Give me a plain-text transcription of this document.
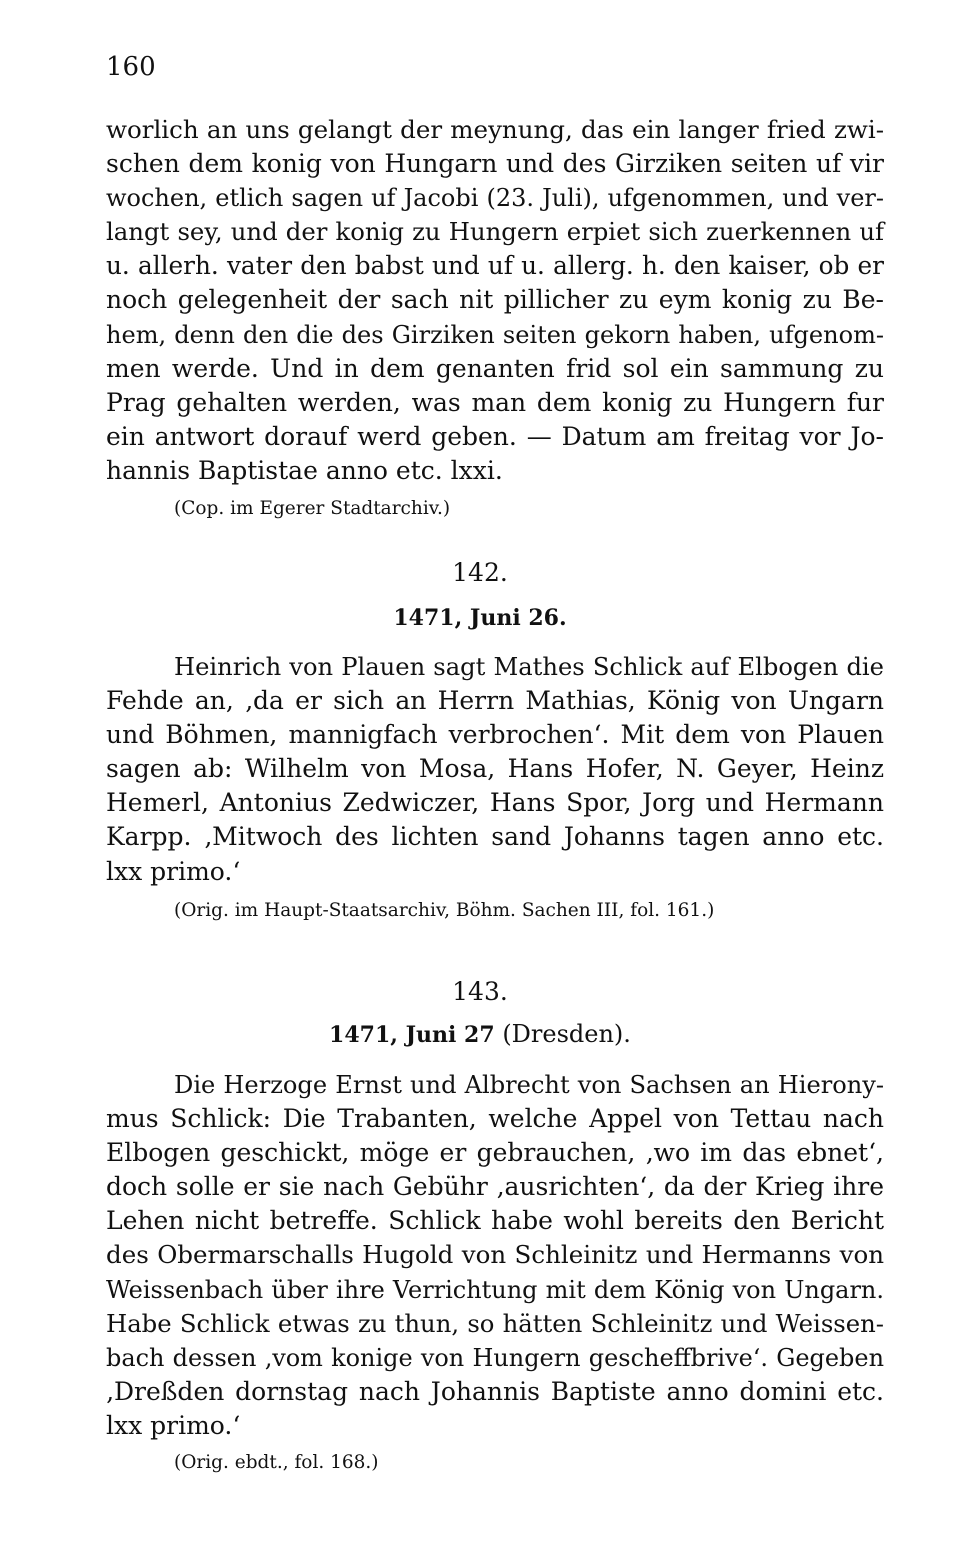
160
worlich an uns gelangt der meynung, das ein langer fried zwi-
schen dem konig von Hungarn und des Girziken seiten uf vir
wochen, etlich sagen uf Jacobi (23. Juli), ufgenommen, und ver-
langt sey, und der konig zu Hungern erpiet sich zuerkennen uf
u. allerh. vater den babst und uf u. allerg. h. den kaiser, ob er
noch gelegenheit der sach nit pillicher zu eym konig zu Be-
hem, denn den die des Girziken seiten gekorn haben, ufgenom-
men werde. Und in dem genanten frid sol ein sammung zu
Prag gehalten werden, was man dem konig zu Hungern fur
ein antwort dorauf werd geben. — Datum am freitag vor Jo-
hannis Baptistae anno etc. lxxi.
(Cop. im Egerer Stadtarchiv.)
142.
1471, Juni 26.
Heinrich von Plauen sagt Mathes Schlick auf Elbogen die
Fehde an, ‚da er sich an Herrn Mathias, König von Ungarn
und Böhmen, mannigfach verbrochen‘. Mit dem von Plauen
sagen ab: Wilhelm von Mosa, Hans Hofer, N. Geyer, Heinz
Hemerl, Antonius Zedwiczer, Hans Spor, Jorg und Hermann
Karpp. ‚Mitwoch des lichten sand Johanns tagen anno etc.
lxx primo.‘
(Orig. im Haupt-Staatsarchiv, Böhm. Sachen III, fol. 161.)
143.
1471, Juni 27 (Dresden).
Die Herzoge Ernst und Albrecht von Sachsen an Hierony-
mus Schlick: Die Trabanten, welche Appel von Tettau nach
Elbogen geschickt, möge er gebrauchen, ‚wo im das ebnet‘,
doch solle er sie nach Gebühr ‚ausrichten‘, da der Krieg ihre
Lehen nicht betreffe. Schlick habe wohl bereits den Bericht
des Obermarschalls Hugold von Schleinitz und Hermanns von
Weissenbach über ihre Verrichtung mit dem König von Ungarn.
Habe Schlick etwas zu thun, so hätten Schleinitz und Weissen-
bach dessen ‚vom konige von Hungern gescheffbrive‘. Gegeben
‚Dreßden dornstag nach Johannis Baptiste anno domini etc.
lxx primo.‘
(Orig. ebdt., fol. 168.)
